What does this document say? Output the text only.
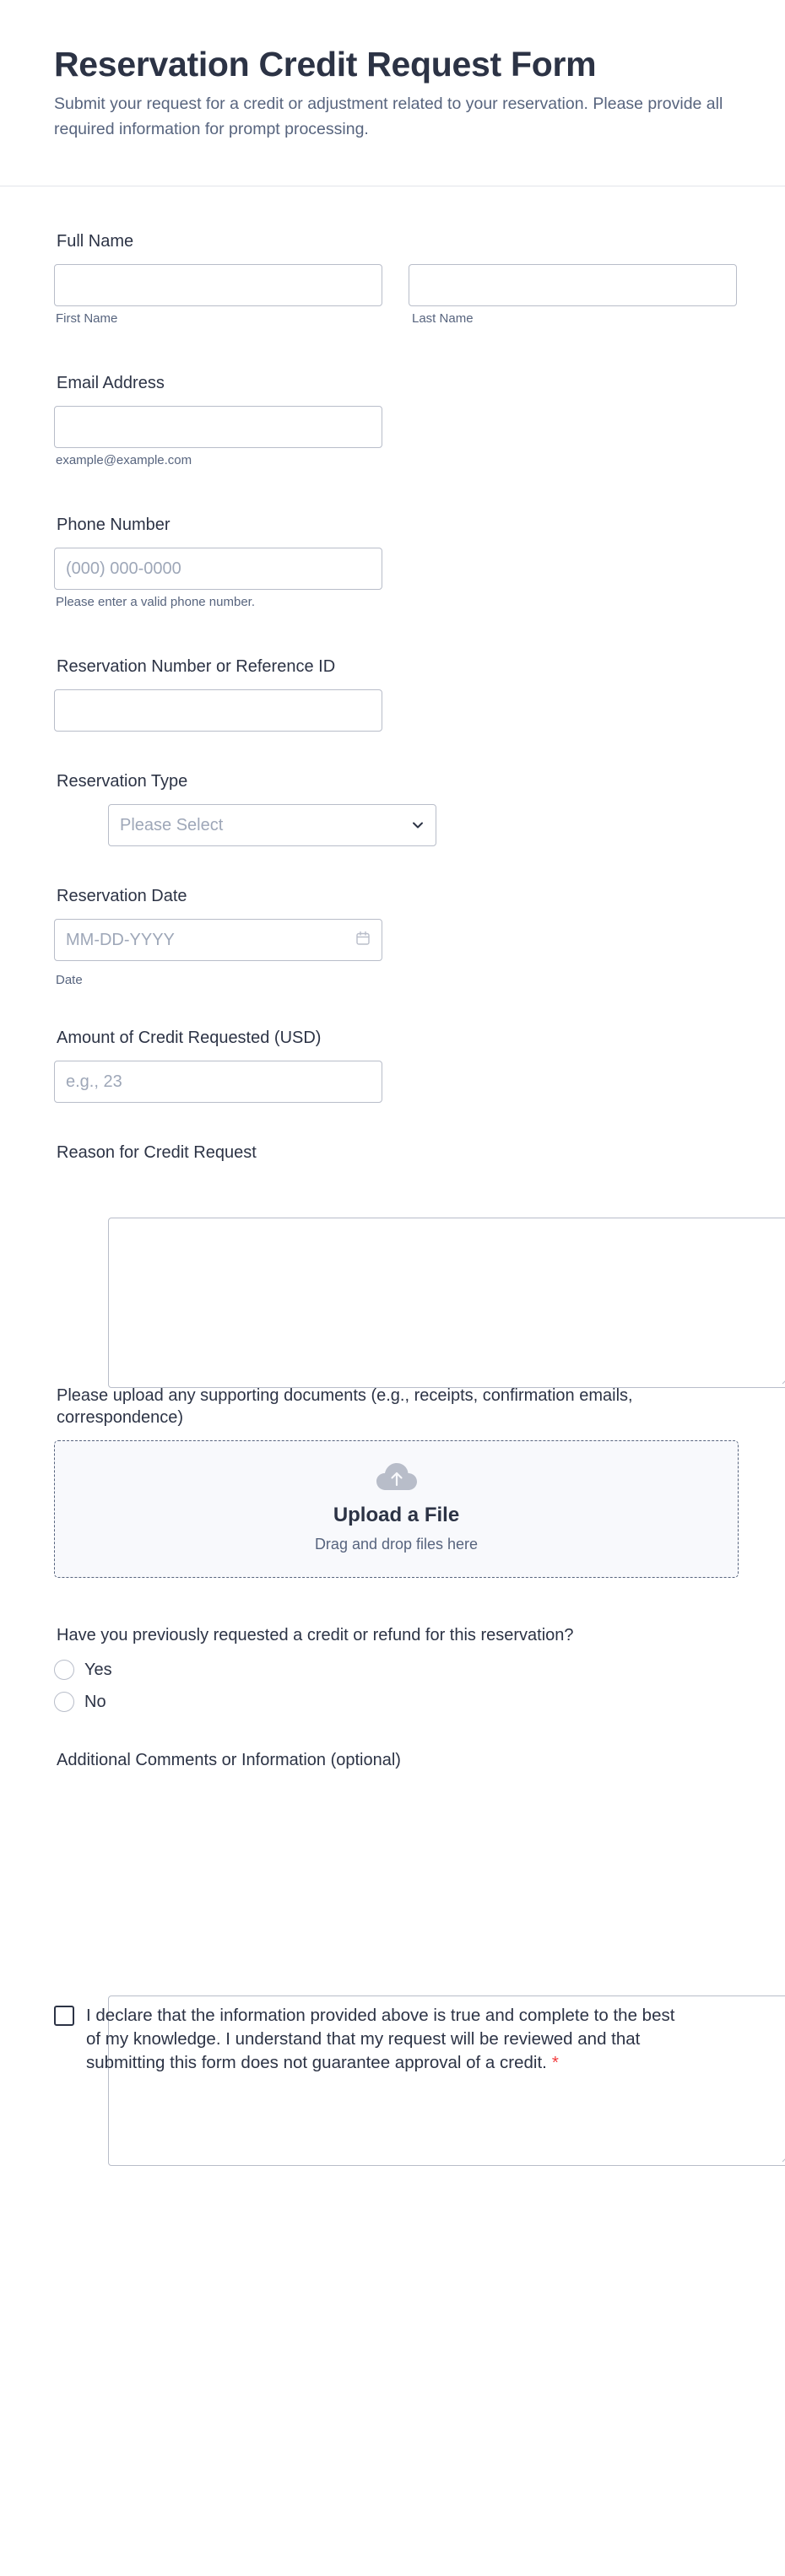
Reservation Credit Request Form

Submit your request for a credit or adjustment related to your reservation. Please provide all required information for prompt processing.

Full Name
First Name	Last Name
Email Address
example@example.com
Phone Number
(000) 000-0000
Please enter a valid phone number.
Reservation Number or Reference ID
Reservation Type
Please Select
Reservation Date
MM-DD-YYYY
Date
Amount of Credit Requested (USD)
e.g., 23
Reason for Credit Request
Please upload any supporting documents (e.g., receipts, confirmation emails, correspondence)
Upload a File
Drag and drop files here
Have you previously requested a credit or refund for this reservation?
Yes
No
Additional Comments or Information (optional)

I declare that the information provided above is true and complete to the best of my knowledge. I understand that my request will be reviewed and that submitting this form does not guarantee approval of a credit. *
